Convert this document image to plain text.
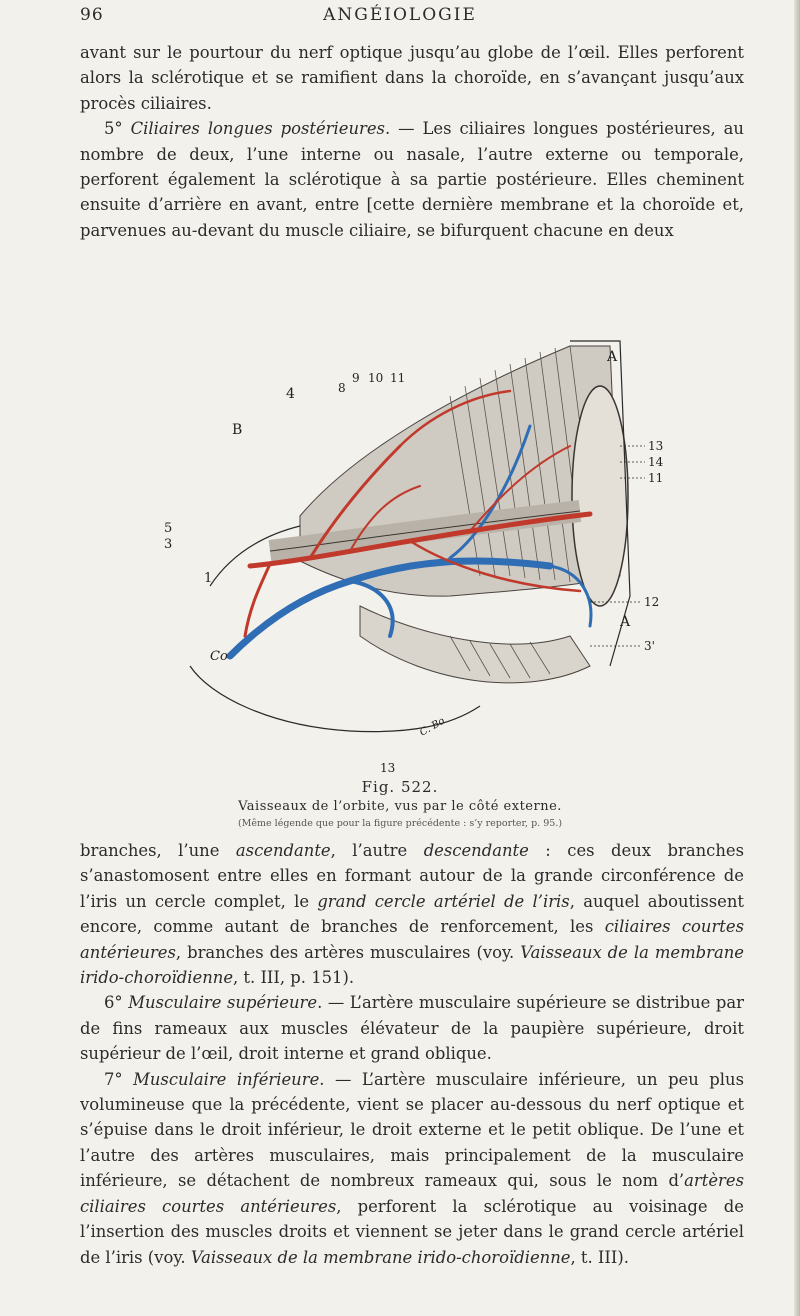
96	ANGÉIOLOGIE

avant sur le pourtour du nerf optique jusqu’au globe de l’œil. Elles perforent alors la sclérotique et se ramifient dans la choroïde, en s’avançant jusqu’aux procès ciliaires.

5° Ciliaires longues postérieures. — Les ciliaires longues postérieures, au nombre de deux, l’une interne ou nasale, l’autre externe ou temporale, perforent également la sclérotique à sa partie postérieure. Elles cheminent ensuite d’arrière en avant, entre [cette dernière membrane et la choroïde et, parvenues au-devant du muscle ciliaire, se bifurquent chacune en deux

A
A
B
1
3
5
4	8
9 10 11
13
14
11
12
3'
13
Co
C. Bo
Fig. 522.
Vaisseaux de l’orbite, vus par le côté externe.
(Même légende que pour la figure précédente : s’y reporter, p. 95.)

branches, l’une ascendante, l’autre descendante : ces deux branches s’anastomosent entre elles en formant autour de la grande circonférence de l’iris un cercle complet, le grand cercle artériel de l’iris, auquel aboutissent encore, comme autant de branches de renforcement, les ciliaires courtes antérieures, branches des artères musculaires (voy. Vaisseaux de la membrane irido-choroïdienne, t. III, p. 151).

6° Musculaire supérieure. — L’artère musculaire supérieure se distribue par de fins rameaux aux muscles élévateur de la paupière supérieure, droit supérieur de l’œil, droit interne et grand oblique.

7° Musculaire inférieure. — L’artère musculaire inférieure, un peu plus volumineuse que la précédente, vient se placer au-dessous du nerf optique et s’épuise dans le droit inférieur, le droit externe et le petit oblique. De l’une et l’autre des artères musculaires, mais principalement de la musculaire inférieure, se détachent de nombreux rameaux qui, sous le nom d’artères ciliaires courtes antérieures, perforent la sclérotique au voisinage de l’insertion des muscles droits et viennent se jeter dans le grand cercle artériel de l’iris (voy. Vaisseaux de la membrane irido-choroïdienne, t. III).
